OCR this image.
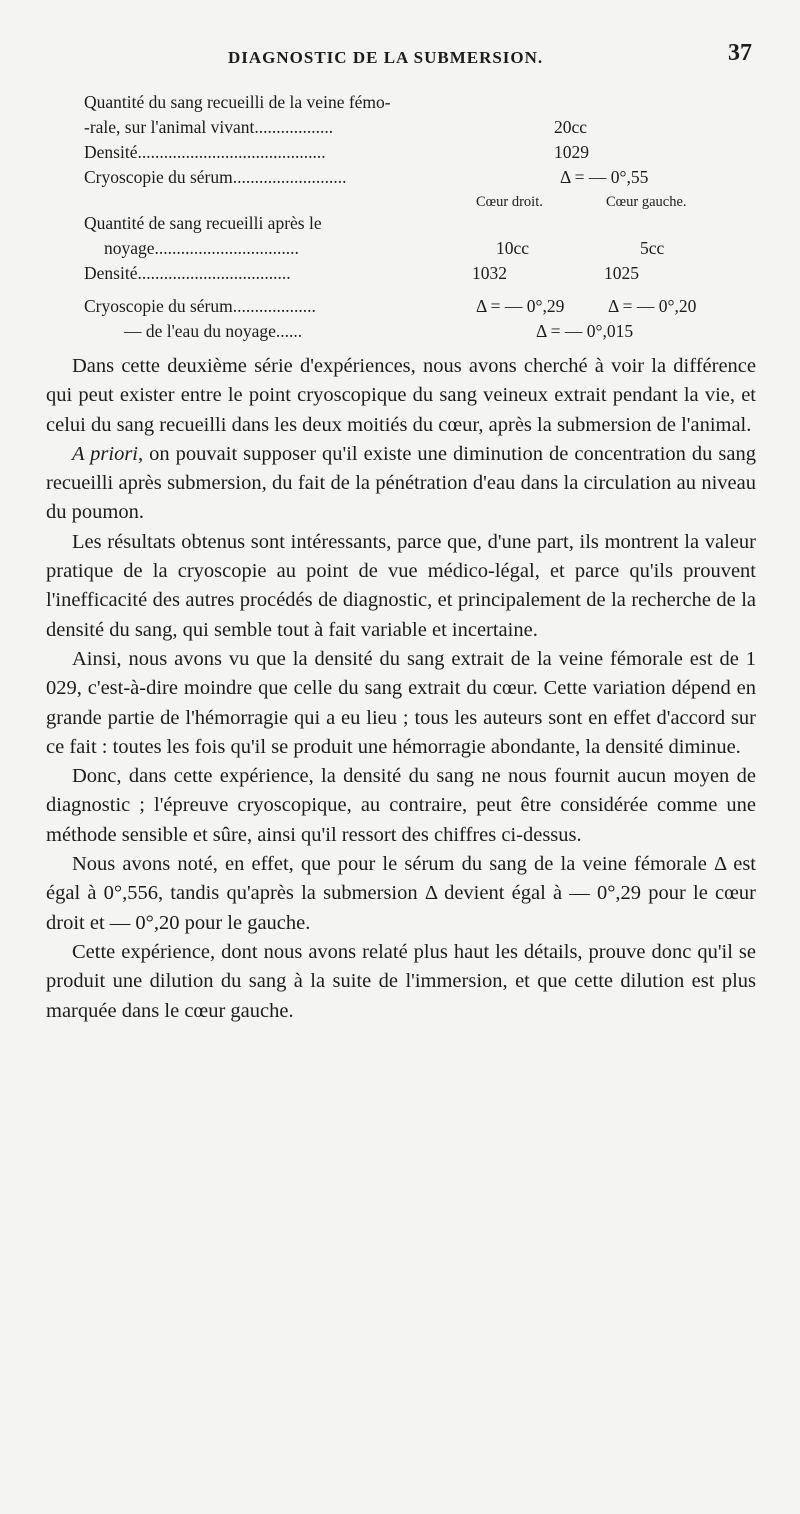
DIAGNOSTIC DE LA SUBMERSION.	37
Quantité du sang recueilli de la veine fémo-
-rale, sur l'animal vivant..................	20cc
Densité...........................................	1029
Cryoscopie du sérum..........................	Δ = — 0°,55
Cœur droit.	Cœur gauche.
Quantité de sang recueilli après le
noyage.................................	10cc	5cc
Densité...................................	1032	1025
Cryoscopie du sérum...................	Δ = — 0°,29 Δ = — 0°,20
— de l'eau du noyage......	Δ = — 0°,015

Dans cette deuxième série d'expériences, nous avons cherché à voir la différence qui peut exister entre le point cryoscopique du sang veineux extrait pendant la vie, et celui du sang recueilli dans les deux moitiés du cœur, après la submersion de l'animal.

A priori, on pouvait supposer qu'il existe une diminution de concentration du sang recueilli après submersion, du fait de la pénétration d'eau dans la circulation au niveau du poumon.

Les résultats obtenus sont intéressants, parce que, d'une part, ils montrent la valeur pratique de la cryoscopie au point de vue médico-légal, et parce qu'ils prouvent l'inefficacité des autres procédés de diagnostic, et principalement de la recherche de la densité du sang, qui semble tout à fait variable et incertaine.

Ainsi, nous avons vu que la densité du sang extrait de la veine fémorale est de 1 029, c'est-à-dire moindre que celle du sang extrait du cœur. Cette variation dépend en grande partie de l'hémorragie qui a eu lieu ; tous les auteurs sont en effet d'accord sur ce fait : toutes les fois qu'il se produit une hémorragie abondante, la densité diminue.

Donc, dans cette expérience, la densité du sang ne nous fournit aucun moyen de diagnostic ; l'épreuve cryoscopique, au contraire, peut être considérée comme une méthode sensible et sûre, ainsi qu'il ressort des chiffres ci-dessus.

Nous avons noté, en effet, que pour le sérum du sang de la veine fémorale Δ est égal à 0°,556, tandis qu'après la submersion Δ devient égal à — 0°,29 pour le cœur droit et — 0°,20 pour le gauche.

Cette expérience, dont nous avons relaté plus haut les détails, prouve donc qu'il se produit une dilution du sang à la suite de l'immersion, et que cette dilution est plus marquée dans le cœur gauche.
